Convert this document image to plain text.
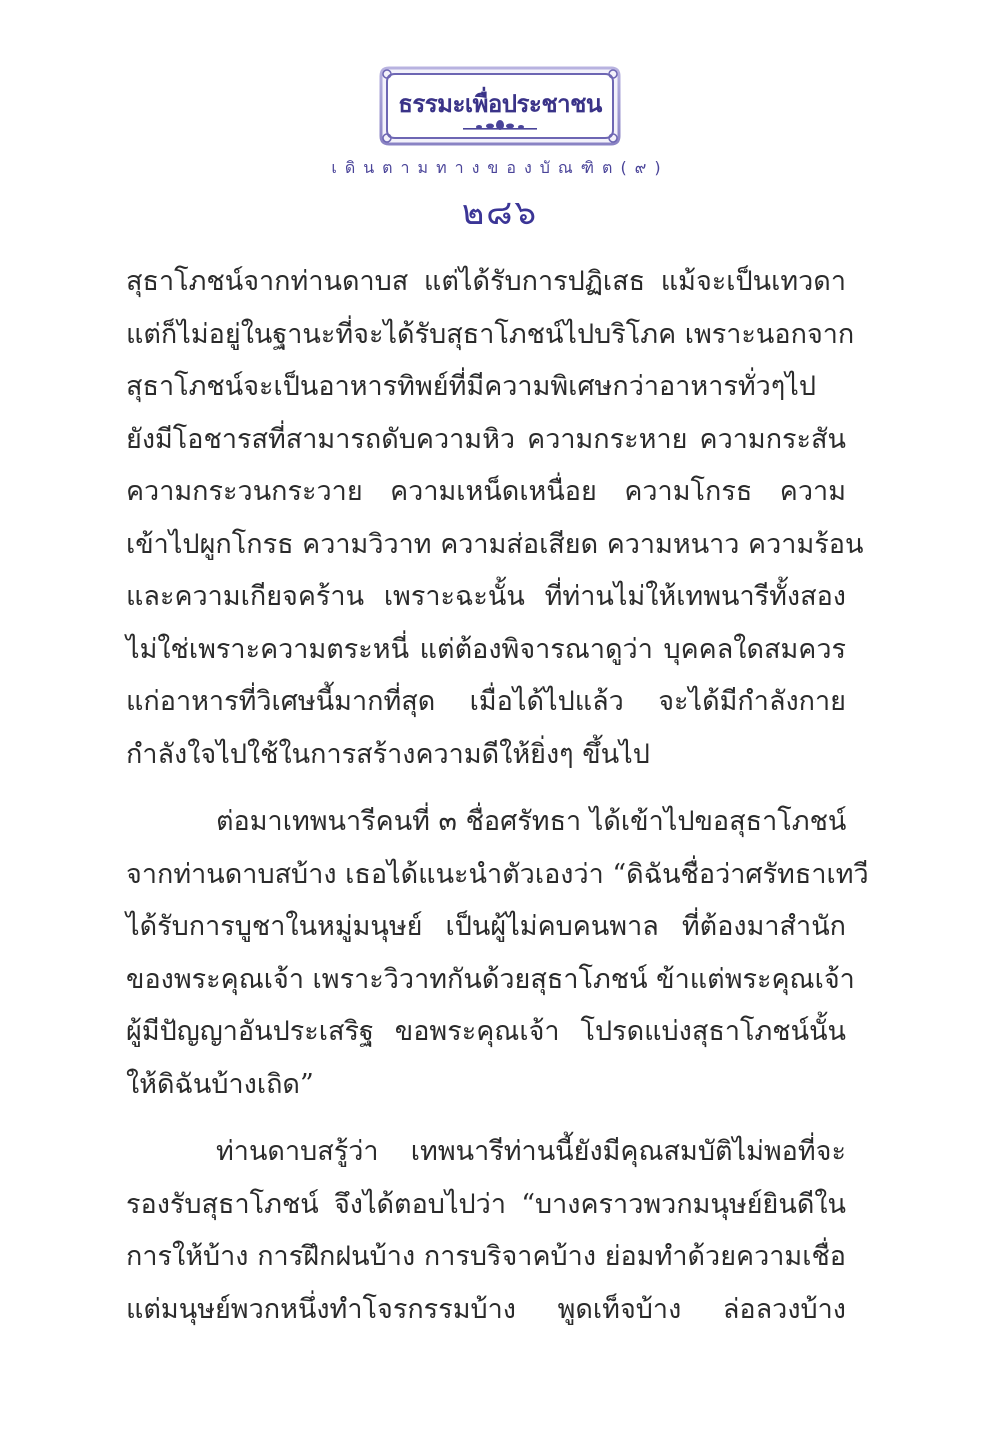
ธรรมะเพื่อประชาชน
เดินตามทางของบัณฑิต(๙)
๒๘๖
สุธาโภชน์จากท่านดาบส แต่ได้รับการปฏิเสธ แม้จะเป็นเทวดา
แต่ก็ไม่อยู่ในฐานะที่จะได้รับสุธาโภชน์ไปบริโภค เพราะนอกจาก
สุธาโภชน์จะเป็นอาหารทิพย์ที่มีความพิเศษกว่าอาหารทั่วๆไป
ยังมีโอชารสที่สามารถดับความหิว ความกระหาย ความกระสัน
ความกระวนกระวาย ความเหน็ดเหนื่อย ความโกรธ ความ
เข้าไปผูกโกรธ ความวิวาท ความส่อเสียด ความหนาว ความร้อน
และความเกียจคร้าน เพราะฉะนั้น ที่ท่านไม่ให้เทพนารีทั้งสอง
ไม่ใช่เพราะความตระหนี่ แต่ต้องพิจารณาดูว่า บุคคลใดสมควร
แก่อาหารที่วิเศษนี้มากที่สุด เมื่อได้ไปแล้ว จะได้มีกำลังกาย
กำลังใจไปใช้ในการสร้างความดีให้ยิ่งๆ ขึ้นไป
ต่อมาเทพนารีคนที่ ๓ ชื่อศรัทธา ได้เข้าไปขอสุธาโภชน์
จากท่านดาบสบ้าง เธอได้แนะนำตัวเองว่า “ดิฉันชื่อว่าศรัทธาเทวี
ได้รับการบูชาในหมู่มนุษย์ เป็นผู้ไม่คบคนพาล ที่ต้องมาสำนัก
ของพระคุณเจ้า เพราะวิวาทกันด้วยสุธาโภชน์ ข้าแต่พระคุณเจ้า
ผู้มีปัญญาอันประเสริฐ ขอพระคุณเจ้า โปรดแบ่งสุธาโภชน์นั้น
ให้ดิฉันบ้างเถิด”
ท่านดาบสรู้ว่า เทพนารีท่านนี้ยังมีคุณสมบัติไม่พอที่จะ
รองรับสุธาโภชน์ จึงได้ตอบไปว่า “บางคราวพวกมนุษย์ยินดีใน
การให้บ้าง การฝึกฝนบ้าง การบริจาคบ้าง ย่อมทำด้วยความเชื่อ
แต่มนุษย์พวกหนึ่งทำโจรกรรมบ้าง พูดเท็จบ้าง ล่อลวงบ้าง
